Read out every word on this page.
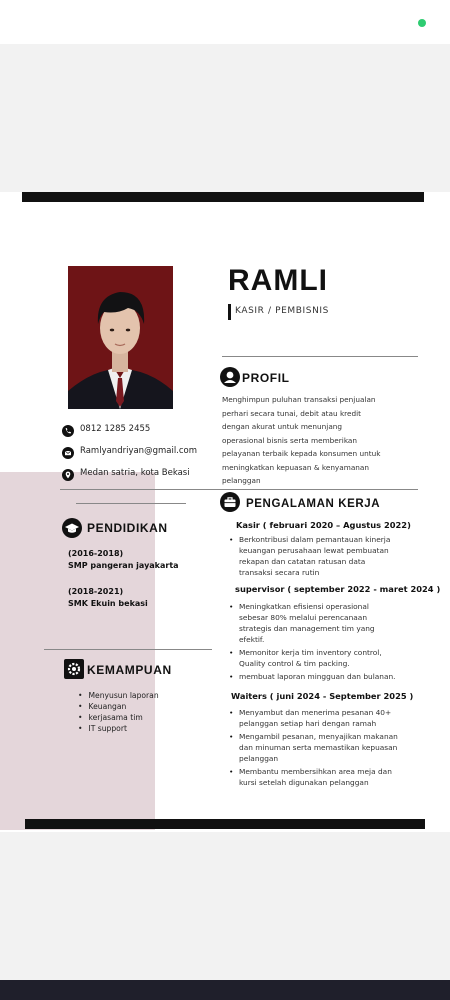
RAMLI
KASIR / PEMBISNIS
PROFIL
Menghimpun puluhan transaksi penjualan
perhari secara tunai, debit atau kredit
dengan akurat untuk menunjang
operasional bisnis serta memberikan
pelayanan terbaik kepada konsumen untuk
meningkatkan kepuasan & kenyamanan
pelanggan
0812 1285 2455
Ramlyandriyan@gmail.com
Medan satria, kota Bekasi
PENDIDIKAN
(2016-2018)
SMP pangeran jayakarta
(2018-2021)
SMK Ekuin bekasi
KEMAMPUAN
• Menyusun laporan
• Keuangan
• kerjasama tim
• IT support
PENGALAMAN KERJA
Kasir ( februari 2020 – Agustus 2022)
• Berkontribusi dalam pemantauan kinerja keuangan perusahaan lewat pembuatan rekapan dan catatan ratusan data transaksi secara rutin
supervisor ( september 2022 - maret 2024 )
• Meningkatkan efisiensi operasional sebesar 80% melalui perencanaan strategis dan management tim yang efektif.
• Memonitor kerja tim inventory control, Quality control & tim packing.
• membuat laporan mingguan dan bulanan.
Waiters ( juni 2024 - September 2025 )
• Menyambut dan menerima pesanan 40+ pelanggan setiap hari dengan ramah
• Mengambil pesanan, menyajikan makanan dan minuman serta memastikan kepuasan pelanggan
• Membantu membersihkan area meja dan kursi setelah digunakan pelanggan
